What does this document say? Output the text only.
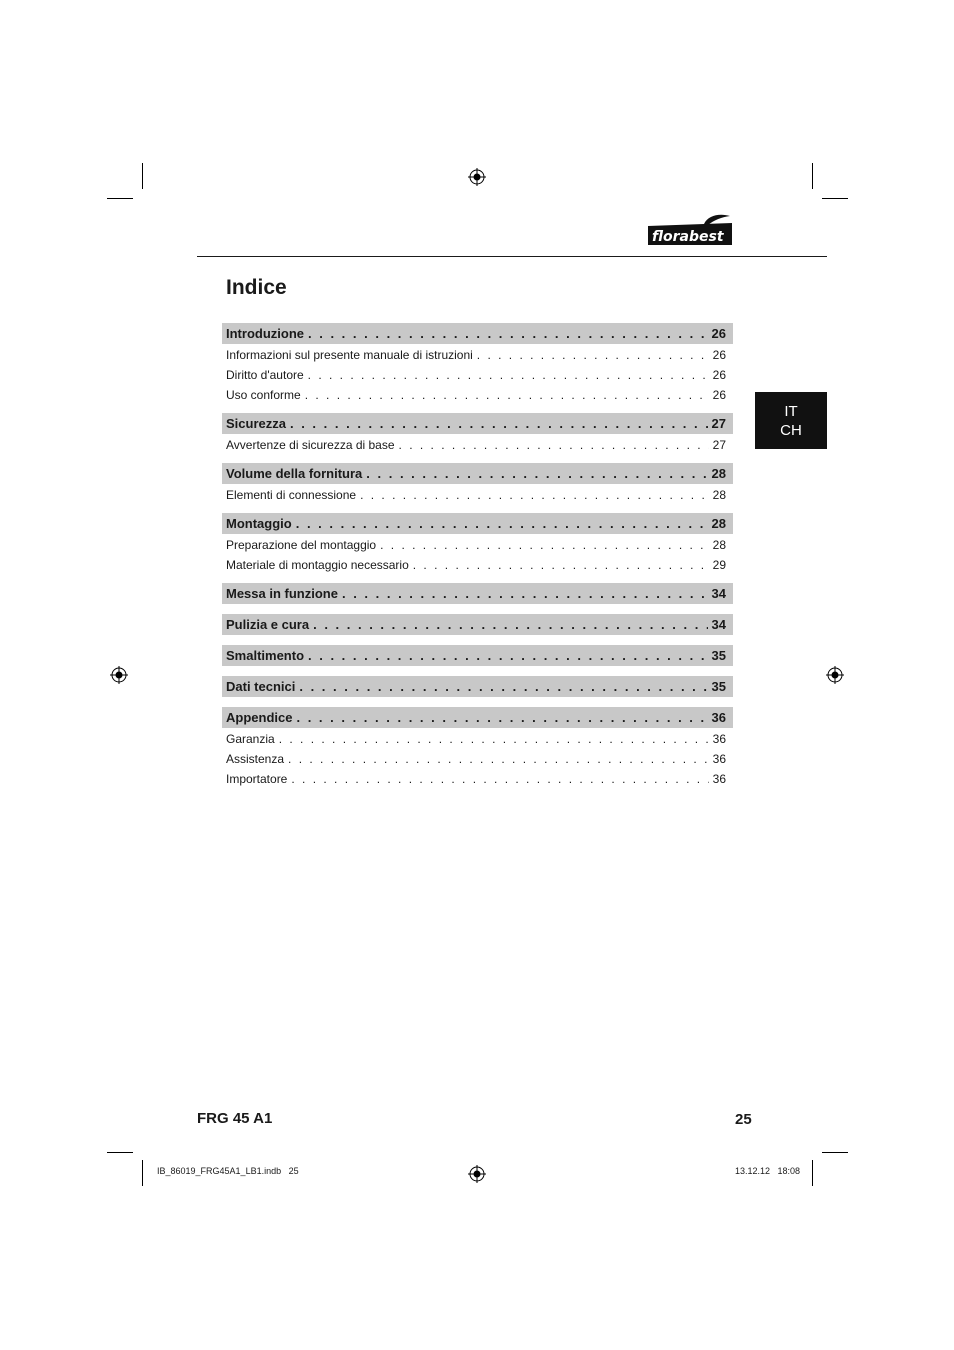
florabest
Indice
Introduzione . . .	26
Informazioni sul presente manuale di istruzioni . . .	26
Diritto d'autore . . .	26
Uso conforme . . .	26
Sicurezza . . .	27
Avvertenze di sicurezza di base . . .	27
Volume della fornitura . . .	28
Elementi di connessione . . .	28
Montaggio . . .	28
Preparazione del montaggio . . .	28
Materiale di montaggio necessario . . .	29
Messa in funzione . . .	34
Pulizia e cura . . .	34
Smaltimento . . .	35
Dati tecnici . . .	35
Appendice . . .	36
Garanzia . . .	36
Assistenza . . .	36
Importatore . . .	36
IT
CH
FRG 45 A1	25
IB_86019_FRG45A1_LB1.indb   25	13.12.12   18:08
